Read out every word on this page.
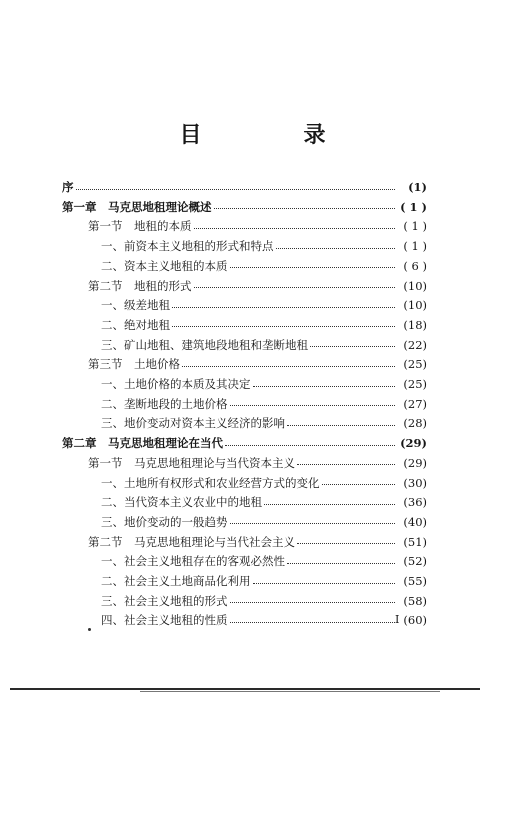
目　录
序	(1)
第一章　马克思地租理论概述	( 1 )
第一节　地租的本质	( 1 )
一、前资本主义地租的形式和特点	( 1 )
二、资本主义地租的本质	( 6 )
第二节　地租的形式	(10)
一、级差地租	(10)
二、绝对地租	(18)
三、矿山地租、建筑地段地租和垄断地租	(22)
第三节　土地价格	(25)
一、土地价格的本质及其决定	(25)
二、垄断地段的土地价格	(27)
三、地价变动对资本主义经济的影响	(28)
第二章　马克思地租理论在当代	(29)
第一节　马克思地租理论与当代资本主义	(29)
一、土地所有权形式和农业经营方式的变化	(30)
二、当代资本主义农业中的地租	(36)
三、地价变动的一般趋势	(40)
第二节　马克思地租理论与当代社会主义	(51)
一、社会主义地租存在的客观必然性	(52)
二、社会主义土地商品化利用	(55)
三、社会主义地租的形式	(58)
四、社会主义地租的性质	(60)
I
